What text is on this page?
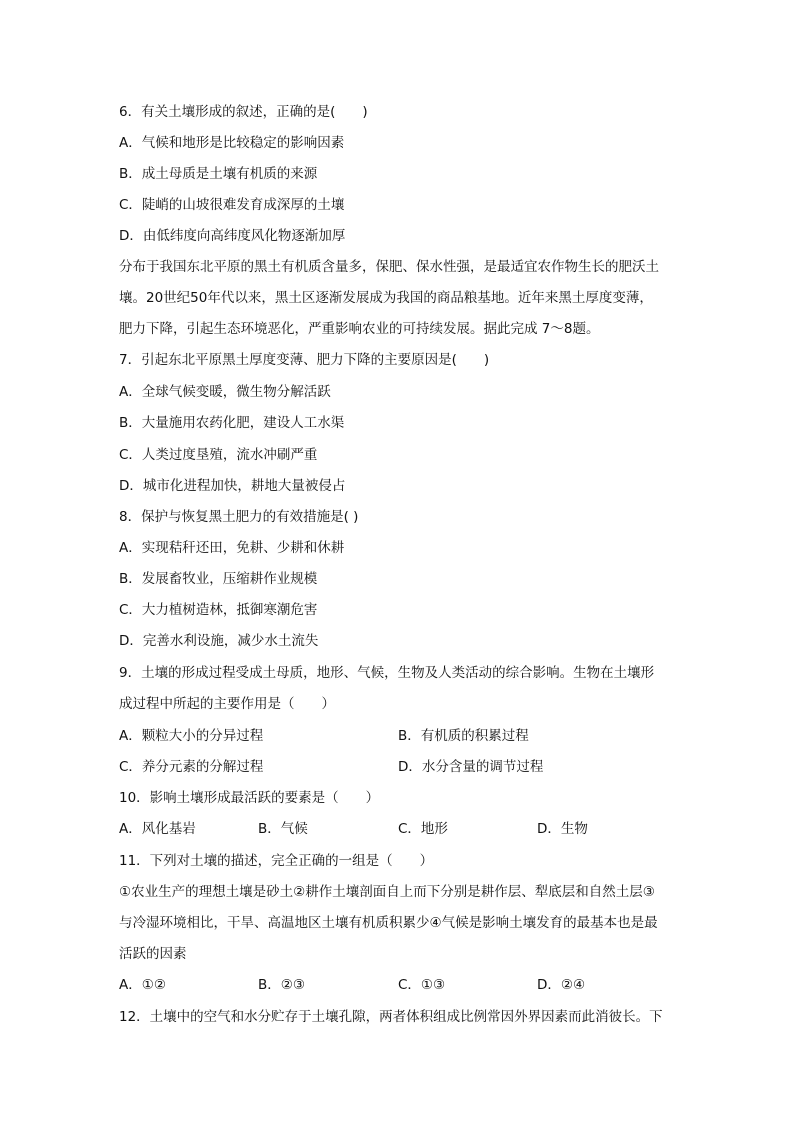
6．有关土壤形成的叙述，正确的是(　　)
A．气候和地形是比较稳定的影响因素
B．成土母质是土壤有机质的来源
C．陡峭的山坡很难发育成深厚的土壤
D．由低纬度向高纬度风化物逐渐加厚
分布于我国东北平原的黑土有机质含量多，保肥、保水性强，是最适宜农作物生长的肥沃土
壤。20世纪50年代以来，黑土区逐渐发展成为我国的商品粮基地。近年来黑土厚度变薄，
肥力下降，引起生态环境恶化，严重影响农业的可持续发展。据此完成 7～8题。
7．引起东北平原黑土厚度变薄、肥力下降的主要原因是(　　)
A．全球气候变暖，微生物分解活跃
B．大量施用农药化肥，建设人工水渠
C．人类过度垦殖，流水冲刷严重
D．城市化进程加快，耕地大量被侵占
8．保护与恢复黑土肥力的有效措施是( )
A．实现秸秆还田，免耕、少耕和休耕
B．发展畜牧业，压缩耕作业规模
C．大力植树造林，抵御寒潮危害
D．完善水利设施，减少水土流失
9．土壤的形成过程受成土母质，地形、气候，生物及人类活动的综合影响。生物在土壤形
成过程中所起的主要作用是（　　）
A．颗粒大小的分异过程	B．有机质的积累过程
C．养分元素的分解过程	D．水分含量的调节过程
10．影响土壤形成最活跃的要素是（　　）
A．风化基岩	B．气候	C．地形	D．生物
11．下列对土壤的描述，完全正确的一组是（　　）
①农业生产的理想土壤是砂土②耕作土壤剖面自上而下分别是耕作层、犁底层和自然土层③
与冷湿环境相比，干旱、高温地区土壤有机质积累少④气候是影响土壤发育的最基本也是最
活跃的因素
A．①②	B．②③	C．①③	D．②④
12．土壤中的空气和水分贮存于土壤孔隙，两者体积组成比例常因外界因素而此消彼长。下
